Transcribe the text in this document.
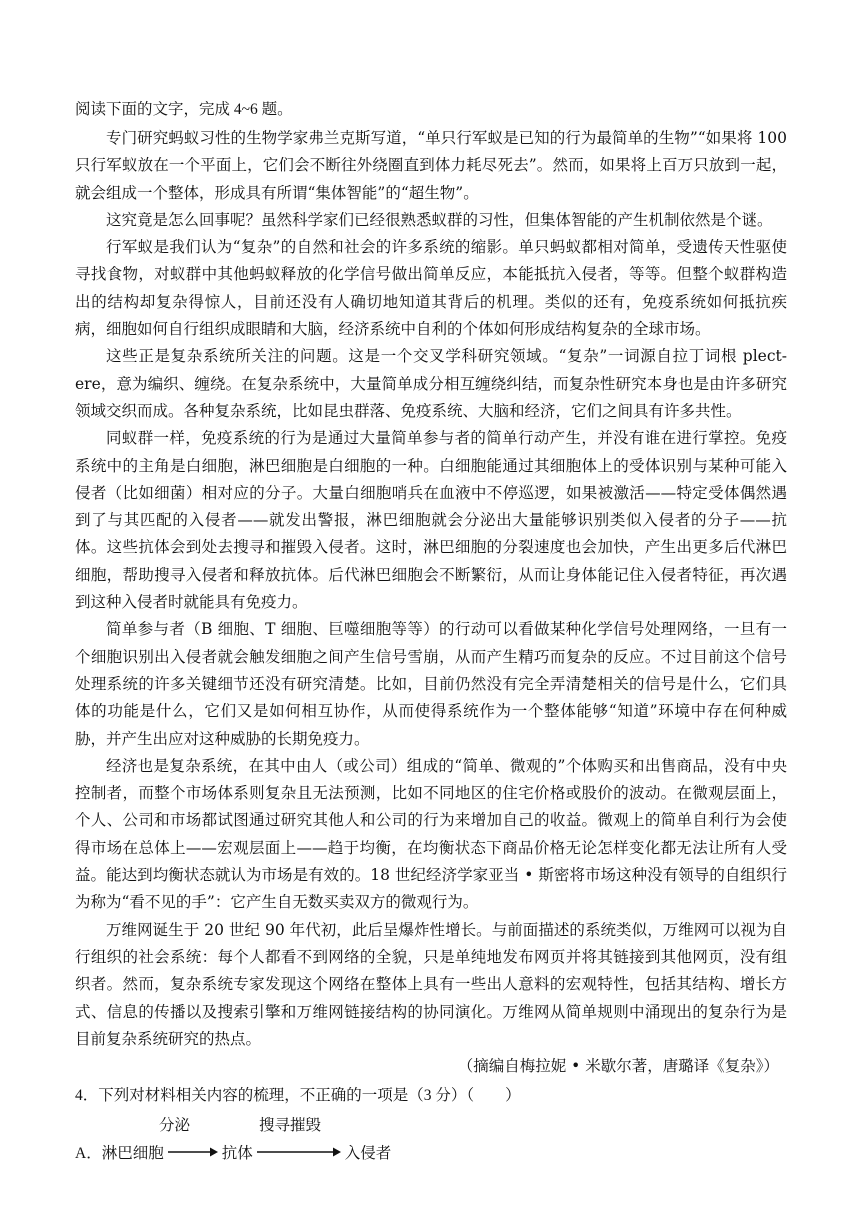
阅读下面的文字，完成 4~6 题。

专门研究蚂蚁习性的生物学家弗兰克斯写道，“单只行军蚁是已知的行为最简单的生物”“如果将 100 只行军蚁放在一个平面上，它们会不断往外绕圈直到体力耗尽死去”。然而，如果将上百万只放到一起，就会组成一个整体，形成具有所谓“集体智能”的“超生物”。

这究竟是怎么回事呢？虽然科学家们已经很熟悉蚁群的习性，但集体智能的产生机制依然是个谜。

行军蚁是我们认为“复杂”的自然和社会的许多系统的缩影。单只蚂蚁都相对简单，受遗传天性驱使寻找食物，对蚁群中其他蚂蚁释放的化学信号做出简单反应，本能抵抗入侵者，等等。但整个蚁群构造出的结构却复杂得惊人，目前还没有人确切地知道其背后的机理。类似的还有，免疫系统如何抵抗疾病，细胞如何自行组织成眼睛和大脑，经济系统中自利的个体如何形成结构复杂的全球市场。

这些正是复杂系统所关注的问题。这是一个交叉学科研究领域。“复杂”一词源自拉丁词根 plect-ere，意为编织、缠绕。在复杂系统中，大量简单成分相互缠绕纠结，而复杂性研究本身也是由许多研究领域交织而成。各种复杂系统，比如昆虫群落、免疫系统、大脑和经济，它们之间具有许多共性。

同蚁群一样，免疫系统的行为是通过大量简单参与者的简单行动产生，并没有谁在进行掌控。免疫系统中的主角是白细胞，淋巴细胞是白细胞的一种。白细胞能通过其细胞体上的受体识别与某种可能入侵者（比如细菌）相对应的分子。大量白细胞哨兵在血液中不停巡逻，如果被激活——特定受体偶然遇到了与其匹配的入侵者——就发出警报，淋巴细胞就会分泌出大量能够识别类似入侵者的分子——抗体。这些抗体会到处去搜寻和摧毁入侵者。这时，淋巴细胞的分裂速度也会加快，产生出更多后代淋巴细胞，帮助搜寻入侵者和释放抗体。后代淋巴细胞会不断繁衍，从而让身体能记住入侵者特征，再次遇到这种入侵者时就能具有免疫力。

简单参与者（B 细胞、T 细胞、巨噬细胞等等）的行动可以看做某种化学信号处理网络，一旦有一个细胞识别出入侵者就会触发细胞之间产生信号雪崩，从而产生精巧而复杂的反应。不过目前这个信号处理系统的许多关键细节还没有研究清楚。比如，目前仍然没有完全弄清楚相关的信号是什么，它们具体的功能是什么，它们又是如何相互协作，从而使得系统作为一个整体能够“知道”环境中存在何种威胁，并产生出应对这种威胁的长期免疫力。

经济也是复杂系统，在其中由人（或公司）组成的“简单、微观的”个体购买和出售商品，没有中央控制者，而整个市场体系则复杂且无法预测，比如不同地区的住宅价格或股价的波动。在微观层面上，个人、公司和市场都试图通过研究其他人和公司的行为来增加自己的收益。微观上的简单自利行为会使得市场在总体上——宏观层面上——趋于均衡，在均衡状态下商品价格无论怎样变化都无法让所有人受益。能达到均衡状态就认为市场是有效的。18 世纪经济学家亚当 • 斯密将市场这种没有领导的自组织行为称为“看不见的手”：它产生自无数买卖双方的微观行为。

万维网诞生于 20 世纪 90 年代初，此后呈爆炸性增长。与前面描述的系统类似，万维网可以视为自行组织的社会系统：每个人都看不到网络的全貌，只是单纯地发布网页并将其链接到其他网页，没有组织者。然而，复杂系统专家发现这个网络在整体上具有一些出人意料的宏观特性，包括其结构、增长方式、信息的传播以及搜索引擎和万维网链接结构的协同演化。万维网从简单规则中涌现出的复杂行为是目前复杂系统研究的热点。

（摘编自梅拉妮 • 米歇尔著，唐璐译《复杂》）

4．下列对材料相关内容的梳理，不正确的一项是（3 分）（　　）

分泌	搜寻摧毁
A． 淋巴细胞	抗体	入侵者
